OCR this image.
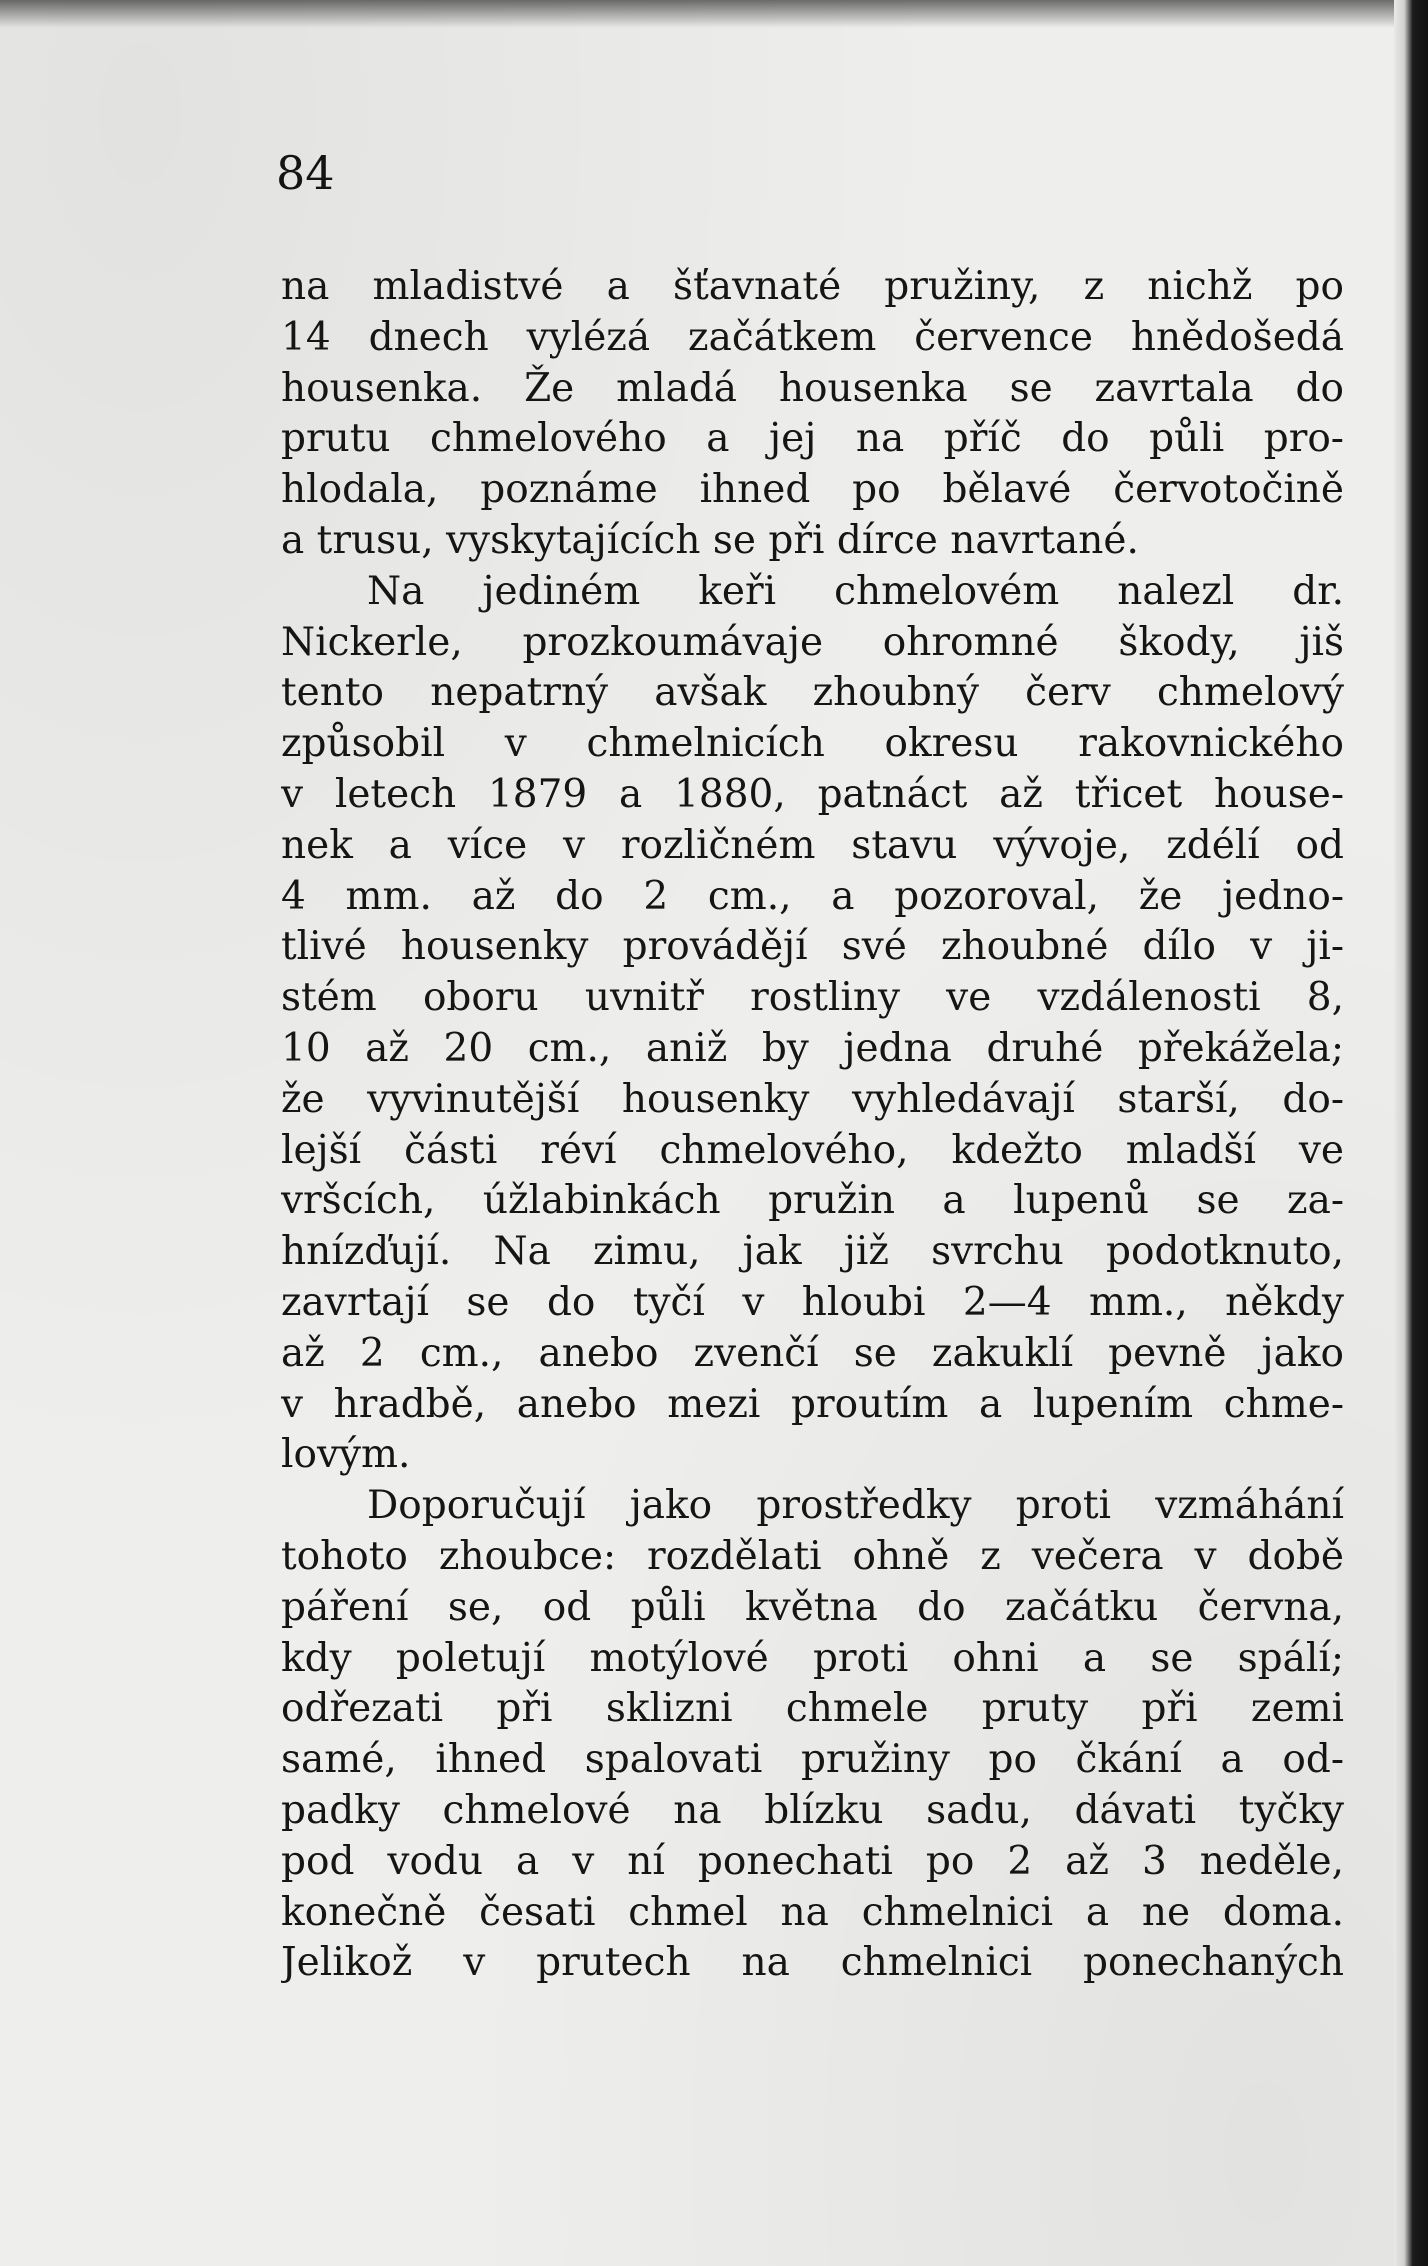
84

na mladistvé a šťavnaté pružiny, z nichž po
14 dnech vylézá začátkem července hnědošedá
housenka. Že mladá housenka se zavrtala do
prutu chmelového a jej na příč do půli pro-
hlodala, poznáme ihned po bělavé červotočině
a trusu, vyskytajících se při dírce navrtané.
Na jediném keři chmelovém nalezl dr.
Nickerle, prozkoumávaje ohromné škody, jiš
tento nepatrný avšak zhoubný červ chmelový
způsobil v chmelnicích okresu rakovnického
v letech 1879 a 1880, patnáct až třicet house-
nek a více v rozličném stavu vývoje, zdélí od
4 mm. až do 2 cm., a pozoroval, že jedno-
tlivé housenky provádějí své zhoubné dílo v ji-
stém oboru uvnitř rostliny ve vzdálenosti 8,
10 až 20 cm., aniž by jedna druhé překážela;
že vyvinutější housenky vyhledávají starší, do-
lejší části réví chmelového, kdežto mladší ve
vršcích, úžlabinkách pružin a lupenů se za-
hnízďují. Na zimu, jak již svrchu podotknuto,
zavrtají se do tyčí v hloubi 2—4 mm., někdy
až 2 cm., anebo zvenčí se zakuklí pevně jako
v hradbě, anebo mezi proutím a lupením chme-
lovým.
Doporučují jako prostředky proti vzmáhání
tohoto zhoubce: rozdělati ohně z večera v době
páření se, od půli května do začátku června,
kdy poletují motýlové proti ohni a se spálí;
odřezati při sklizni chmele pruty při zemi
samé, ihned spalovati pružiny po čkání a od-
padky chmelové na blízku sadu, dávati tyčky
pod vodu a v ní ponechati po 2 až 3 neděle,
konečně česati chmel na chmelnici a ne doma.
Jelikož v prutech na chmelnici ponechaných
